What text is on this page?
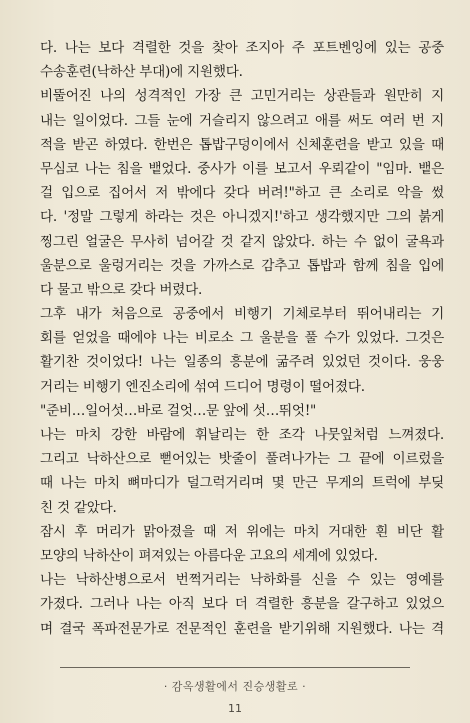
다. 나는 보다 격렬한 것을 찾아 조지아 주 포트벤잉에 있는 공중
수송훈련(낙하산 부대)에 지원했다.
비뚤어진 나의 성격적인 가장 큰 고민거리는 상관들과 원만히 지
내는 일이었다. 그들 눈에 거슬리지 않으려고 애를 써도 여러 번 지
적을 받곤 하였다. 한번은 톱밥구덩이에서 신체훈련을 받고 있을 때
무심코 나는 침을 뱉었다. 중사가 이를 보고서 우뢰같이 "임마. 뱉은
걸 입으로 집어서 저 밖에다 갖다 버려!"하고 큰 소리로 악을 썼
다. '정말 그렇게 하라는 것은 아니겠지!'하고 생각했지만 그의 붉게
찡그린 얼굴은 무사히 넘어갈 것 같지 않았다. 하는 수 없이 굴욕과
울분으로 울렁거리는 것을 가까스로 감추고 톱밥과 함께 침을 입에
다 물고 밖으로 갖다 버렸다.
그후 내가 처음으로 공중에서 비행기 기체로부터 뛰어내리는 기
회를 얻었을 때에야 나는 비로소 그 울분을 풀 수가 있었다. 그것은
활기찬 것이었다! 나는 일종의 흥분에 굶주려 있었던 것이다. 웅웅
거리는 비행기 엔진소리에 섞여 드디어 명령이 떨어졌다.
"준비…일어섯…바로 걸엇…문 앞에 섯…뛰엇!"
나는 마치 강한 바람에 휘날리는 한 조각 나뭇잎처럼 느껴졌다.
그리고 낙하산으로 뻗어있는 밧줄이 풀려나가는 그 끝에 이르렀을
때 나는 마치 뼈마디가 덜그럭거리며 몇 만근 무게의 트럭에 부딪
친 것 같았다.
잠시 후 머리가 맑아졌을 때 저 위에는 마치 거대한 흰 비단 활
모양의 낙하산이 펴져있는 아름다운 고요의 세계에 있었다.
나는 낙하산병으로서 번쩍거리는 낙하화를 신을 수 있는 영예를
가졌다. 그러나 나는 아직 보다 더 격렬한 흥분을 갈구하고 있었으
며 결국 폭파전문가로 전문적인 훈련을 받기위해 지원했다. 나는 격
· 감옥생활에서 진승생활로 ·
11
